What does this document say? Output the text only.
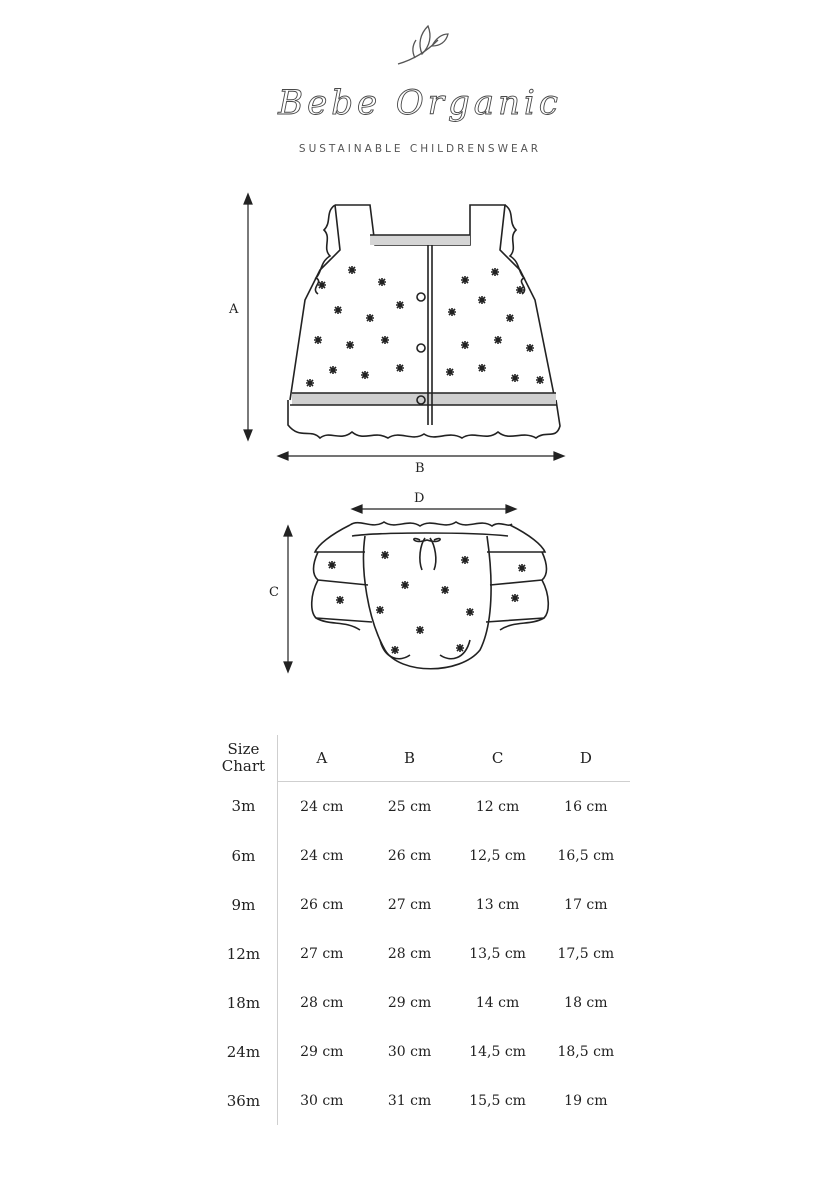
Bebe Organic
SUSTAINABLE CHILDRENSWEAR
A
B
C
D
Size
Chart	A	B	C	D
3m	24 cm	25 cm	12 cm	16 cm
6m	24 cm	26 cm	12,5 cm	16,5 cm
9m	26 cm	27 cm	13 cm	17 cm
12m	27 cm	28 cm	13,5 cm	17,5 cm
18m	28 cm	29 cm	14 cm	18 cm
24m	29 cm	30 cm	14,5 cm	18,5 cm
36m	30 cm	31 cm	15,5 cm	19 cm
